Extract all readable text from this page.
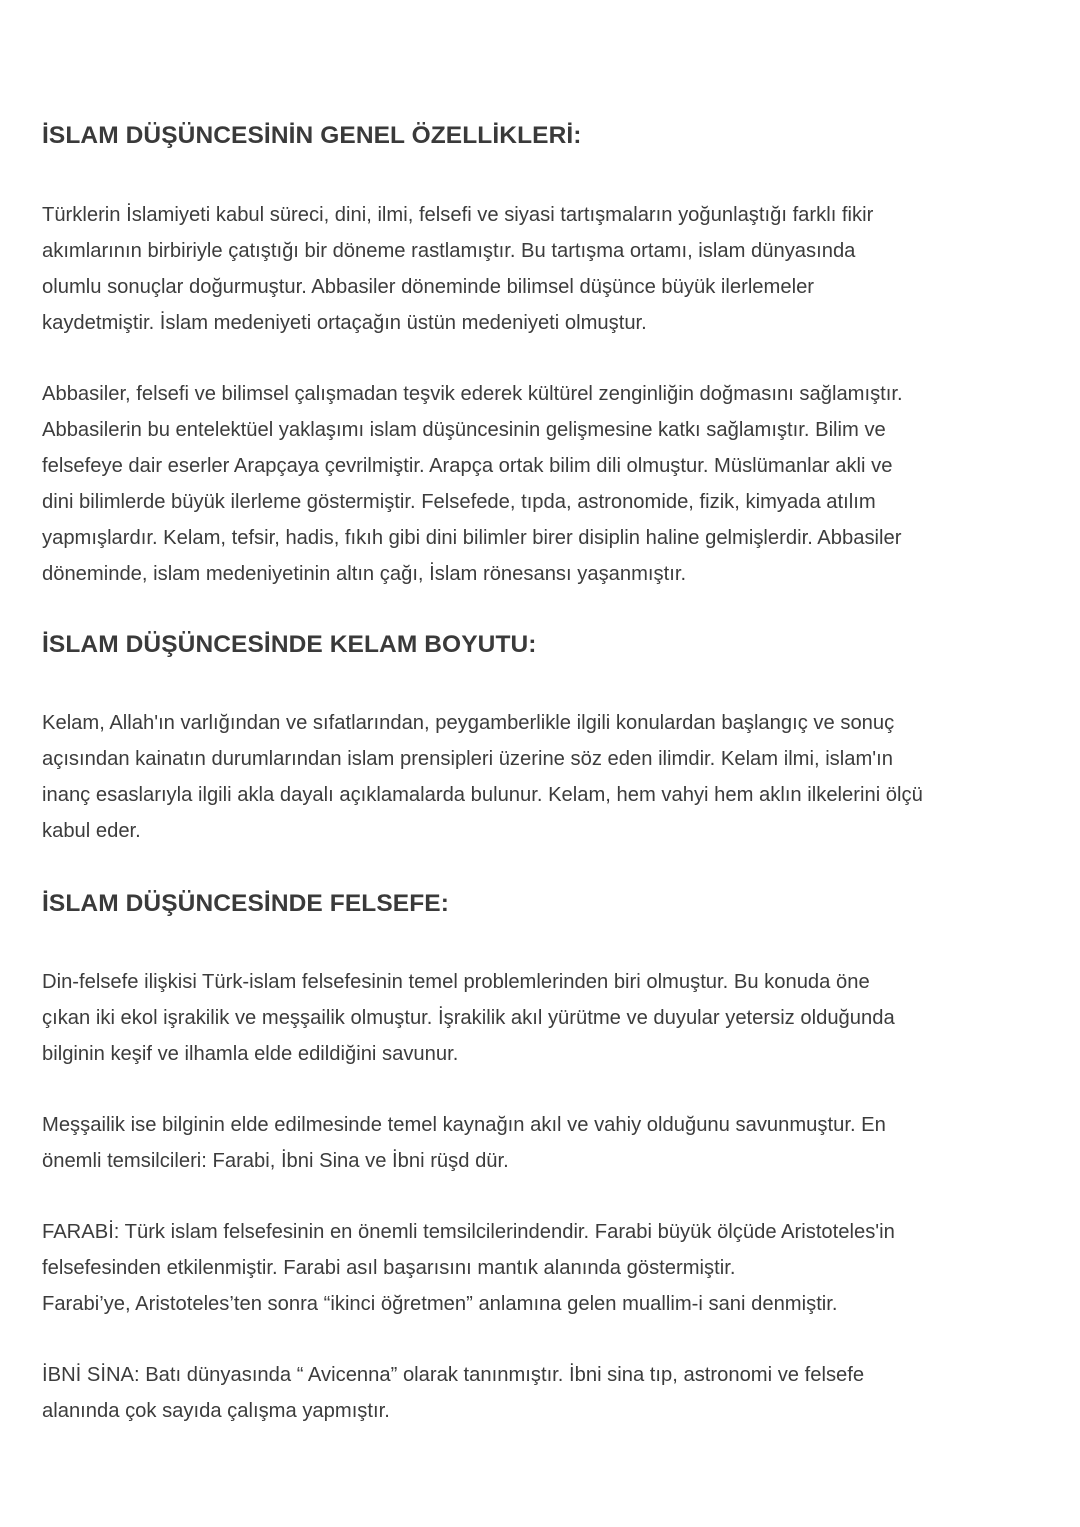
İSLAM DÜŞÜNCESİNİN GENEL ÖZELLİKLERİ:
Türklerin İslamiyeti kabul süreci, dini, ilmi, felsefi ve siyasi tartışmaların yoğunlaştığı farklı fikir
akımlarının birbiriyle çatıştığı bir döneme rastlamıştır. Bu tartışma ortamı, islam dünyasında
olumlu sonuçlar doğurmuştur. Abbasiler döneminde bilimsel düşünce büyük ilerlemeler
kaydetmiştir. İslam medeniyeti ortaçağın üstün medeniyeti olmuştur.
Abbasiler, felsefi ve bilimsel çalışmadan teşvik ederek kültürel zenginliğin doğmasını sağlamıştır.
Abbasilerin bu entelektüel yaklaşımı islam düşüncesinin gelişmesine katkı sağlamıştır. Bilim ve
felsefeye dair eserler Arapçaya çevrilmiştir. Arapça ortak bilim dili olmuştur. Müslümanlar akli ve
dini bilimlerde büyük ilerleme göstermiştir. Felsefede, tıpda, astronomide, fizik, kimyada atılım
yapmışlardır. Kelam, tefsir, hadis, fıkıh gibi dini bilimler birer disiplin haline gelmişlerdir. Abbasiler
döneminde, islam medeniyetinin altın çağı, İslam rönesansı yaşanmıştır.
İSLAM DÜŞÜNCESİNDE KELAM BOYUTU:
Kelam, Allah'ın varlığından ve sıfatlarından, peygamberlikle ilgili konulardan başlangıç ve sonuç
açısından kainatın durumlarından islam prensipleri üzerine söz eden ilimdir. Kelam ilmi, islam'ın
inanç esaslarıyla ilgili akla dayalı açıklamalarda bulunur. Kelam, hem vahyi hem aklın ilkelerini ölçü
kabul eder.
İSLAM DÜŞÜNCESİNDE FELSEFE:
Din-felsefe ilişkisi Türk-islam felsefesinin temel problemlerinden biri olmuştur. Bu konuda öne
çıkan iki ekol işrakilik ve meşşailik olmuştur. İşrakilik akıl yürütme ve duyular yetersiz olduğunda
bilginin keşif ve ilhamla elde edildiğini savunur.
Meşşailik ise bilginin elde edilmesinde temel kaynağın akıl ve vahiy olduğunu savunmuştur. En
önemli temsilcileri: Farabi, İbni Sina ve İbni rüşd dür.
FARABİ: Türk islam felsefesinin en önemli temsilcilerindendir. Farabi büyük ölçüde Aristoteles'in
felsefesinden etkilenmiştir. Farabi asıl başarısını mantık alanında göstermiştir.
Farabi’ye, Aristoteles’ten sonra “ikinci öğretmen” anlamına gelen muallim-i sani denmiştir.
İBNİ SİNA: Batı dünyasında “ Avicenna” olarak tanınmıştır. İbni sina tıp, astronomi ve felsefe
alanında çok sayıda çalışma yapmıştır.
